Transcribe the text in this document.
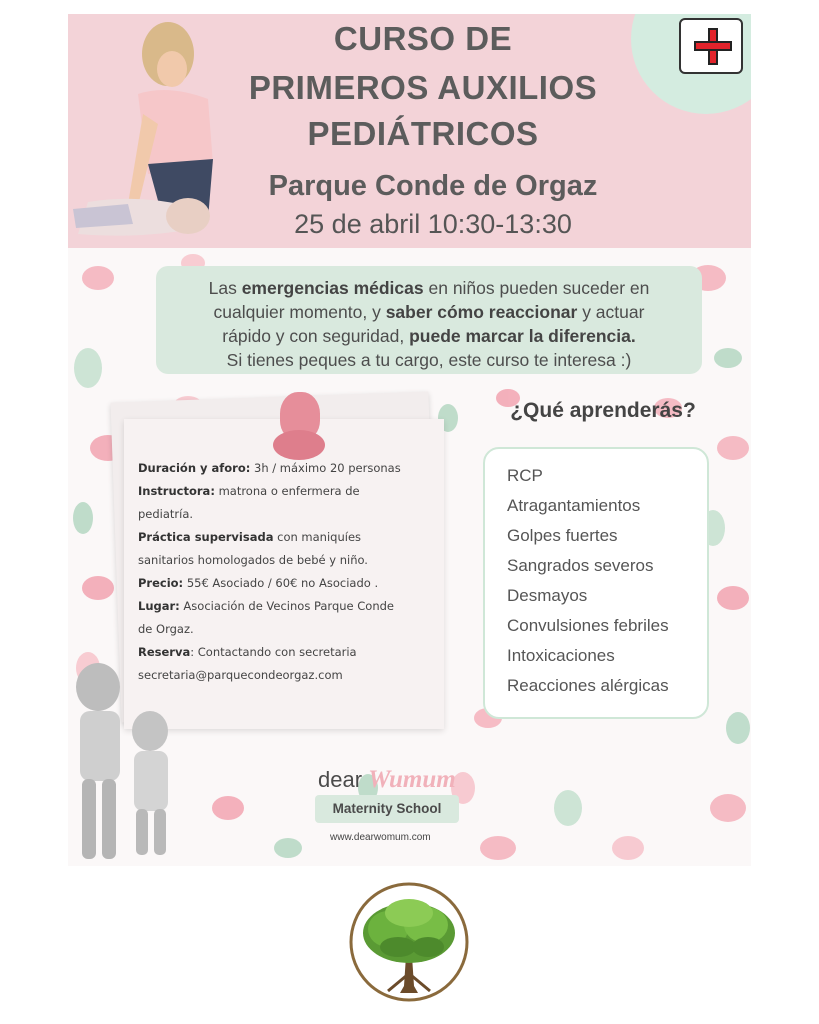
CURSO DE
PRIMEROS AUXILIOS
PEDIÁTRICOS
Parque Conde de Orgaz
25 de abril 10:30-13:30
Las emergencias médicas en niños pueden suceder en
cualquier momento, y saber cómo reaccionar y actuar
rápido y con seguridad, puede marcar la diferencia.
Si tienes peques a tu cargo, este curso te interesa :)
Duración y aforo: 3h / máximo 20 personas
Instructora: matrona o enfermera de
pediatría.
Práctica supervisada con maniquíes
sanitarios homologados de bebé y niño.
Precio: 55€ Asociado / 60€ no Asociado .
Lugar: Asociación de Vecinos Parque Conde
de Orgaz.
Reserva: Contactando con secretaria
secretaria@parquecondeorgaz.com
¿Qué aprenderás?
RCP
Atragantamientos
Golpes fuertes
Sangrados severos
Desmayos
Convulsiones febriles
Intoxicaciones
Reacciones alérgicas
dear Wumum
Maternity School
www.dearwomum.com
